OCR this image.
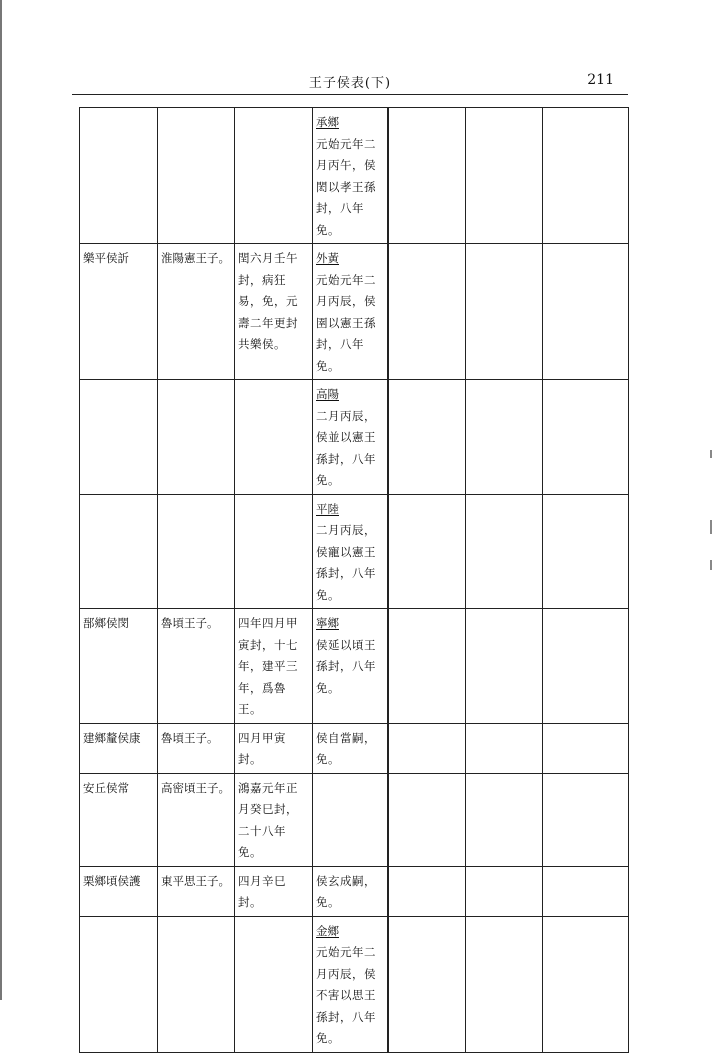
王子侯表(下)	211

			承鄉
元始元年二月丙午，侯閎以孝王孫封，八年免。			
樂平侯訢	淮陽憲王子。	閏六月壬午封，病狂易，免，元壽二年更封共樂侯。	外黃
元始元年二月丙辰，侯圉以憲王孫封，八年免。			

			高陽
二月丙辰，侯並以憲王孫封，八年免。			

			平陸
二月丙辰，侯寵以憲王孫封，八年免。			
郚鄉侯閔	魯頃王子。	四年四月甲寅封，十七年，建平三年，爲魯王。	寧鄉
侯延以頃王孫封，八年免。			
建鄉釐侯康	魯頃王子。	四月甲寅封。	侯自當嗣，免。			
安丘侯常	高密頃王子。	鴻嘉元年正月癸巳封，二十八年免。				
栗鄉頃侯護	東平思王子。	四月辛巳封。	侯玄成嗣，免。			

			金鄉
元始元年二月丙辰，侯不害以思王孫封，八年免。			
